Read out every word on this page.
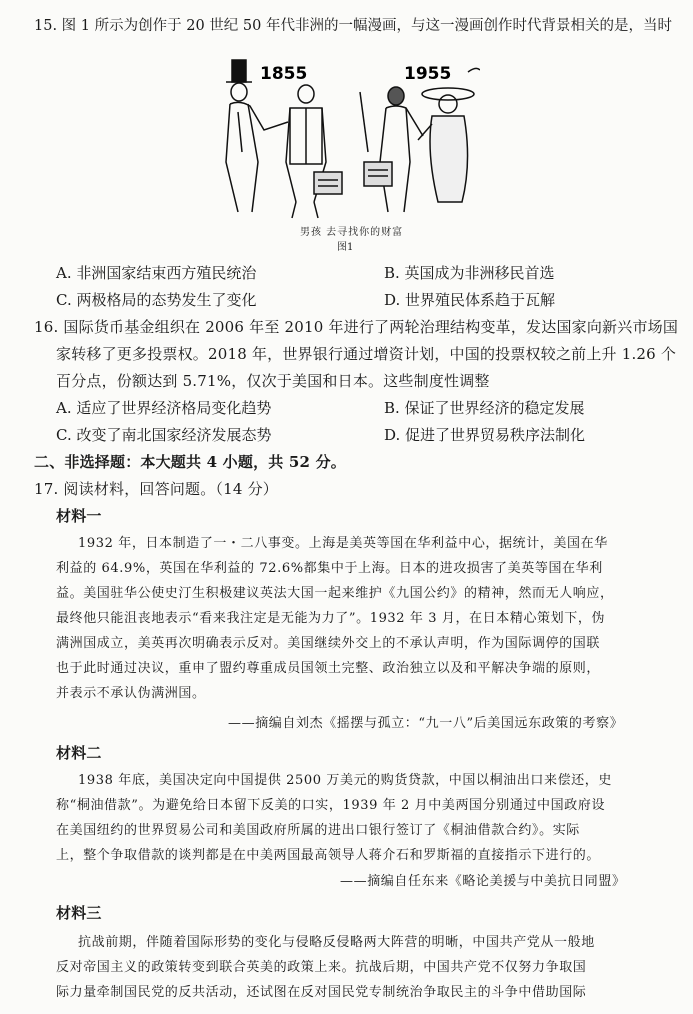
15. 图 1 所示为创作于 20 世纪 50 年代非洲的一幅漫画，与这一漫画创作时代背景相关的是，当时
1855	1955
男孩 去寻找你的财富
图1
A. 非洲国家结束西方殖民统治	B. 英国成为非洲移民首选
C. 两极格局的态势发生了变化	D. 世界殖民体系趋于瓦解
16. 国际货币基金组织在 2006 年至 2010 年进行了两轮治理结构变革，发达国家向新兴市场国
家转移了更多投票权。2018 年，世界银行通过增资计划，中国的投票权较之前上升 1.26 个
百分点，份额达到 5.71%，仅次于美国和日本。这些制度性调整
A. 适应了世界经济格局变化趋势	B. 保证了世界经济的稳定发展
C. 改变了南北国家经济发展态势	D. 促进了世界贸易秩序法制化
二、非选择题：本大题共 4 小题，共 52 分。
17. 阅读材料，回答问题。（14 分）
材料一
1932 年，日本制造了一・二八事变。上海是美英等国在华利益中心，据统计，美国在华
利益的 64.9%，英国在华利益的 72.6%都集中于上海。日本的进攻损害了美英等国在华利
益。美国驻华公使史汀生积极建议英法大国一起来维护《九国公约》的精神，然而无人响应，
最终他只能沮丧地表示“看来我注定是无能为力了”。1932 年 3 月，在日本精心策划下，伪
满洲国成立，美英再次明确表示反对。美国继续外交上的不承认声明，作为国际调停的国联
也于此时通过决议，重申了盟约尊重成员国领土完整、政治独立以及和平解决争端的原则，
并表示不承认伪满洲国。
——摘编自刘杰《摇摆与孤立：“九一八”后美国远东政策的考察》
材料二
1938 年底，美国决定向中国提供 2500 万美元的购货贷款，中国以桐油出口来偿还，史
称“桐油借款”。为避免给日本留下反美的口实，1939 年 2 月中美两国分别通过中国政府设
在美国纽约的世界贸易公司和美国政府所属的进出口银行签订了《桐油借款合约》。实际
上，整个争取借款的谈判都是在中美两国最高领导人蒋介石和罗斯福的直接指示下进行的。
——摘编自任东来《略论美援与中美抗日同盟》
材料三
抗战前期，伴随着国际形势的变化与侵略反侵略两大阵营的明晰，中国共产党从一般地
反对帝国主义的政策转变到联合英美的政策上来。抗战后期，中国共产党不仅努力争取国
际力量牵制国民党的反共活动，还试图在反对国民党专制统治争取民主的斗争中借助国际
